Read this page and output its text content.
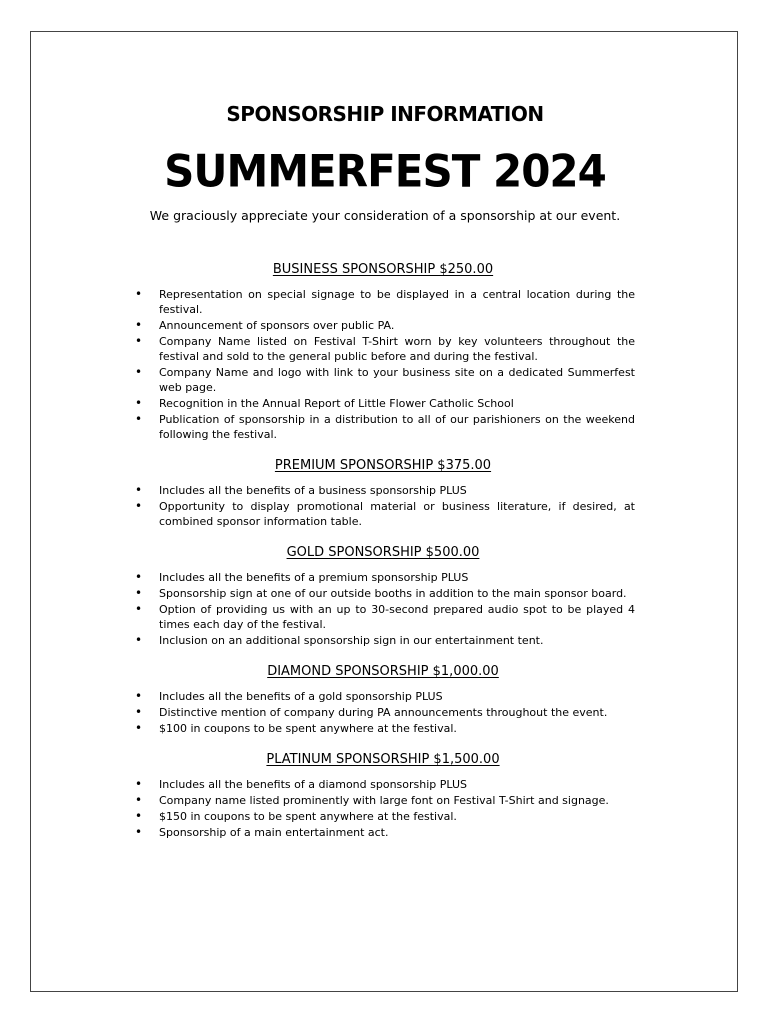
SPONSORSHIP INFORMATION
SUMMERFEST 2024

We graciously appreciate your consideration of a sponsorship at our event.

BUSINESS SPONSORSHIP $250.00
• Representation on special signage to be displayed in a central location during the festival.
• Announcement of sponsors over public PA.
• Company Name listed on Festival T-Shirt worn by key volunteers throughout the festival and sold to the general public before and during the festival.
• Company Name and logo with link to your business site on a dedicated Summerfest web page.
• Recognition in the Annual Report of Little Flower Catholic School
• Publication of sponsorship in a distribution to all of our parishioners on the weekend following the festival.
PREMIUM SPONSORSHIP $375.00
• Includes all the benefits of a business sponsorship PLUS
• Opportunity to display promotional material or business literature, if desired, at combined sponsor information table.
GOLD SPONSORSHIP $500.00
• Includes all the benefits of a premium sponsorship PLUS
• Sponsorship sign at one of our outside booths in addition to the main sponsor board.
• Option of providing us with an up to 30-second prepared audio spot to be played 4 times each day of the festival.
• Inclusion on an additional sponsorship sign in our entertainment tent.
DIAMOND SPONSORSHIP $1,000.00
• Includes all the benefits of a gold sponsorship PLUS
• Distinctive mention of company during PA announcements throughout the event.
• $100 in coupons to be spent anywhere at the festival.
PLATINUM SPONSORSHIP $1,500.00
• Includes all the benefits of a diamond sponsorship PLUS
• Company name listed prominently with large font on Festival T-Shirt and signage.
• $150 in coupons to be spent anywhere at the festival.
• Sponsorship of a main entertainment act.
